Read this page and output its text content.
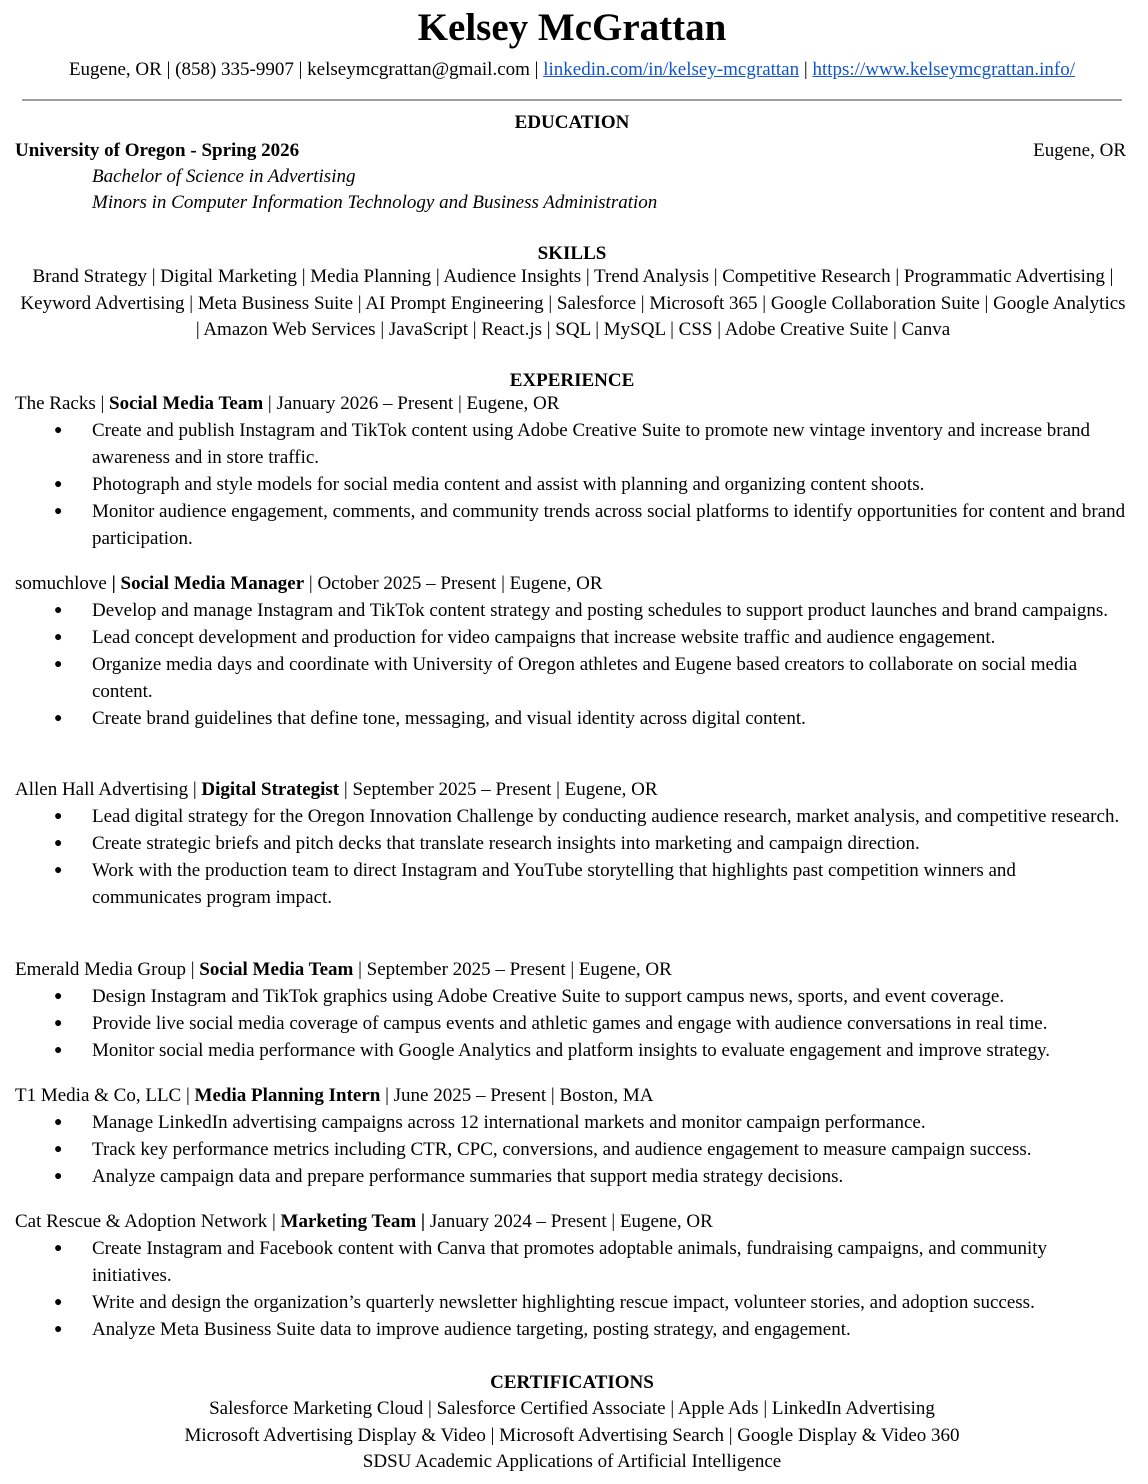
Kelsey McGrattan
Eugene, OR | (858) 335-9907 | kelseymcgrattan@gmail.com | linkedin.com/in/kelsey-mcgrattan | https://www.kelseymcgrattan.info/
EDUCATION
University of Oregon - Spring 2026	Eugene, OR
Bachelor of Science in Advertising
Minors in Computer Information Technology and Business Administration
SKILLS
Brand Strategy | Digital Marketing | Media Planning | Audience Insights | Trend Analysis | Competitive Research | Programmatic Advertising | Keyword Advertising | Meta Business Suite | AI Prompt Engineering | Salesforce | Microsoft 365 | Google Collaboration Suite | Google Analytics | Amazon Web Services | JavaScript | React.js | SQL | MySQL | CSS | Adobe Creative Suite | Canva
EXPERIENCE
The Racks | Social Media Team | January 2026 – Present | Eugene, OR
● Create and publish Instagram and TikTok content using Adobe Creative Suite to promote new vintage inventory and increase brand awareness and in store traffic.
● Photograph and style models for social media content and assist with planning and organizing content shoots.
● Monitor audience engagement, comments, and community trends across social platforms to identify opportunities for content and brand participation.
somuchlove | Social Media Manager | October 2025 – Present | Eugene, OR
● Develop and manage Instagram and TikTok content strategy and posting schedules to support product launches and brand campaigns.
● Lead concept development and production for video campaigns that increase website traffic and audience engagement.
● Organize media days and coordinate with University of Oregon athletes and Eugene based creators to collaborate on social media content.
● Create brand guidelines that define tone, messaging, and visual identity across digital content.
Allen Hall Advertising | Digital Strategist | September 2025 – Present | Eugene, OR
● Lead digital strategy for the Oregon Innovation Challenge by conducting audience research, market analysis, and competitive research.
● Create strategic briefs and pitch decks that translate research insights into marketing and campaign direction.
● Work with the production team to direct Instagram and YouTube storytelling that highlights past competition winners and communicates program impact.
Emerald Media Group | Social Media Team | September 2025 – Present | Eugene, OR
● Design Instagram and TikTok graphics using Adobe Creative Suite to support campus news, sports, and event coverage.
● Provide live social media coverage of campus events and athletic games and engage with audience conversations in real time.
● Monitor social media performance with Google Analytics and platform insights to evaluate engagement and improve strategy.
T1 Media & Co, LLC | Media Planning Intern | June 2025 – Present | Boston, MA
● Manage LinkedIn advertising campaigns across 12 international markets and monitor campaign performance.
● Track key performance metrics including CTR, CPC, conversions, and audience engagement to measure campaign success.
● Analyze campaign data and prepare performance summaries that support media strategy decisions.
Cat Rescue & Adoption Network | Marketing Team | January 2024 – Present | Eugene, OR
● Create Instagram and Facebook content with Canva that promotes adoptable animals, fundraising campaigns, and community initiatives.
● Write and design the organization’s quarterly newsletter highlighting rescue impact, volunteer stories, and adoption success.
● Analyze Meta Business Suite data to improve audience targeting, posting strategy, and engagement.
CERTIFICATIONS
Salesforce Marketing Cloud | Salesforce Certified Associate | Apple Ads | LinkedIn Advertising
Microsoft Advertising Display & Video | Microsoft Advertising Search | Google Display & Video 360
SDSU Academic Applications of Artificial Intelligence
